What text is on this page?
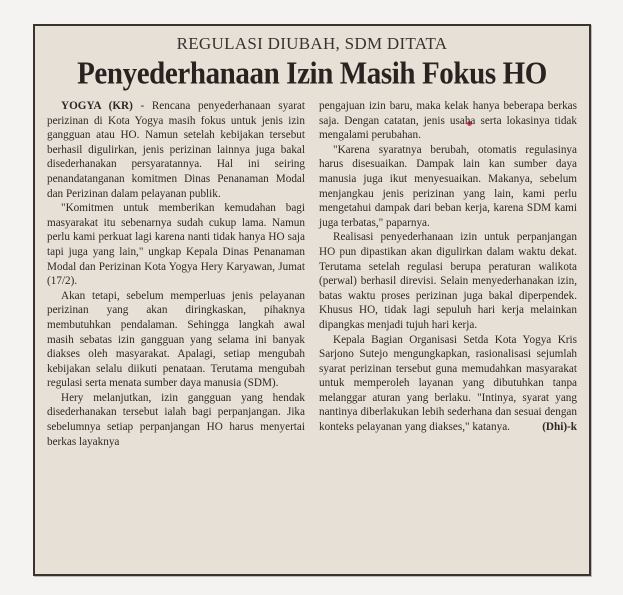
REGULASI DIUBAH, SDM DITATA
Penyederhanaan Izin Masih Fokus HO

YOGYA (KR) - Rencana penyederhanaan syarat perizinan di Kota Yogya masih fokus untuk jenis izin gangguan atau HO. Namun setelah kebijakan tersebut berhasil digulirkan, jenis perizinan lainnya juga bakal disederhanakan persyaratannya. Hal ini seiring penandatanganan komitmen Dinas Penanaman Modal dan Perizinan dalam pelayanan publik.

"Komitmen untuk memberikan kemudahan bagi masyarakat itu sebenarnya sudah cukup lama. Namun perlu kami perkuat lagi karena nanti tidak hanya HO saja tapi juga yang lain," ungkap Kepala Dinas Penanaman Modal dan Perizinan Kota Yogya Hery Karyawan, Jumat (17/2).

Akan tetapi, sebelum memperluas jenis pelayanan perizinan yang akan diringkaskan, pihaknya membutuhkan pendalaman. Sehingga langkah awal masih sebatas izin gangguan yang selama ini banyak diakses oleh masyarakat. Apalagi, setiap mengubah kebijakan selalu diikuti penataan. Terutama mengubah regulasi serta menata sumber daya manusia (SDM).

Hery melanjutkan, izin gangguan yang hendak disederhanakan tersebut ialah bagi perpanjangan. Jika sebelumnya setiap perpanjangan HO harus menyertai berkas layaknya

pengajuan izin baru, maka kelak hanya beberapa berkas saja. Dengan catatan, jenis usaha serta lokasinya tidak mengalami perubahan.

"Karena syaratnya berubah, otomatis regulasinya harus disesuaikan. Dampak lain kan sumber daya manusia juga ikut menyesuaikan. Makanya, sebelum menjangkau jenis perizinan yang lain, kami perlu mengetahui dampak dari beban kerja, karena SDM kami juga terbatas," paparnya.

Realisasi penyederhanaan izin untuk perpanjangan HO pun dipastikan akan digulirkan dalam waktu dekat. Terutama setelah regulasi berupa peraturan walikota (perwal) berhasil direvisi. Selain menyederhanakan izin, batas waktu proses perizinan juga bakal diperpendek. Khusus HO, tidak lagi sepuluh hari kerja melainkan dipangkas menjadi tujuh hari kerja.

Kepala Bagian Organisasi Setda Kota Yogya Kris Sarjono Sutejo mengungkapkan, rasionalisasi sejumlah syarat perizinan tersebut guna memudahkan masyarakat untuk memperoleh layanan yang dibutuhkan tanpa melanggar aturan yang berlaku. "Intinya, syarat yang nantinya diberlakukan lebih sederhana dan sesuai dengan konteks pelayanan yang diakses," katanya.	(Dhi)-k
